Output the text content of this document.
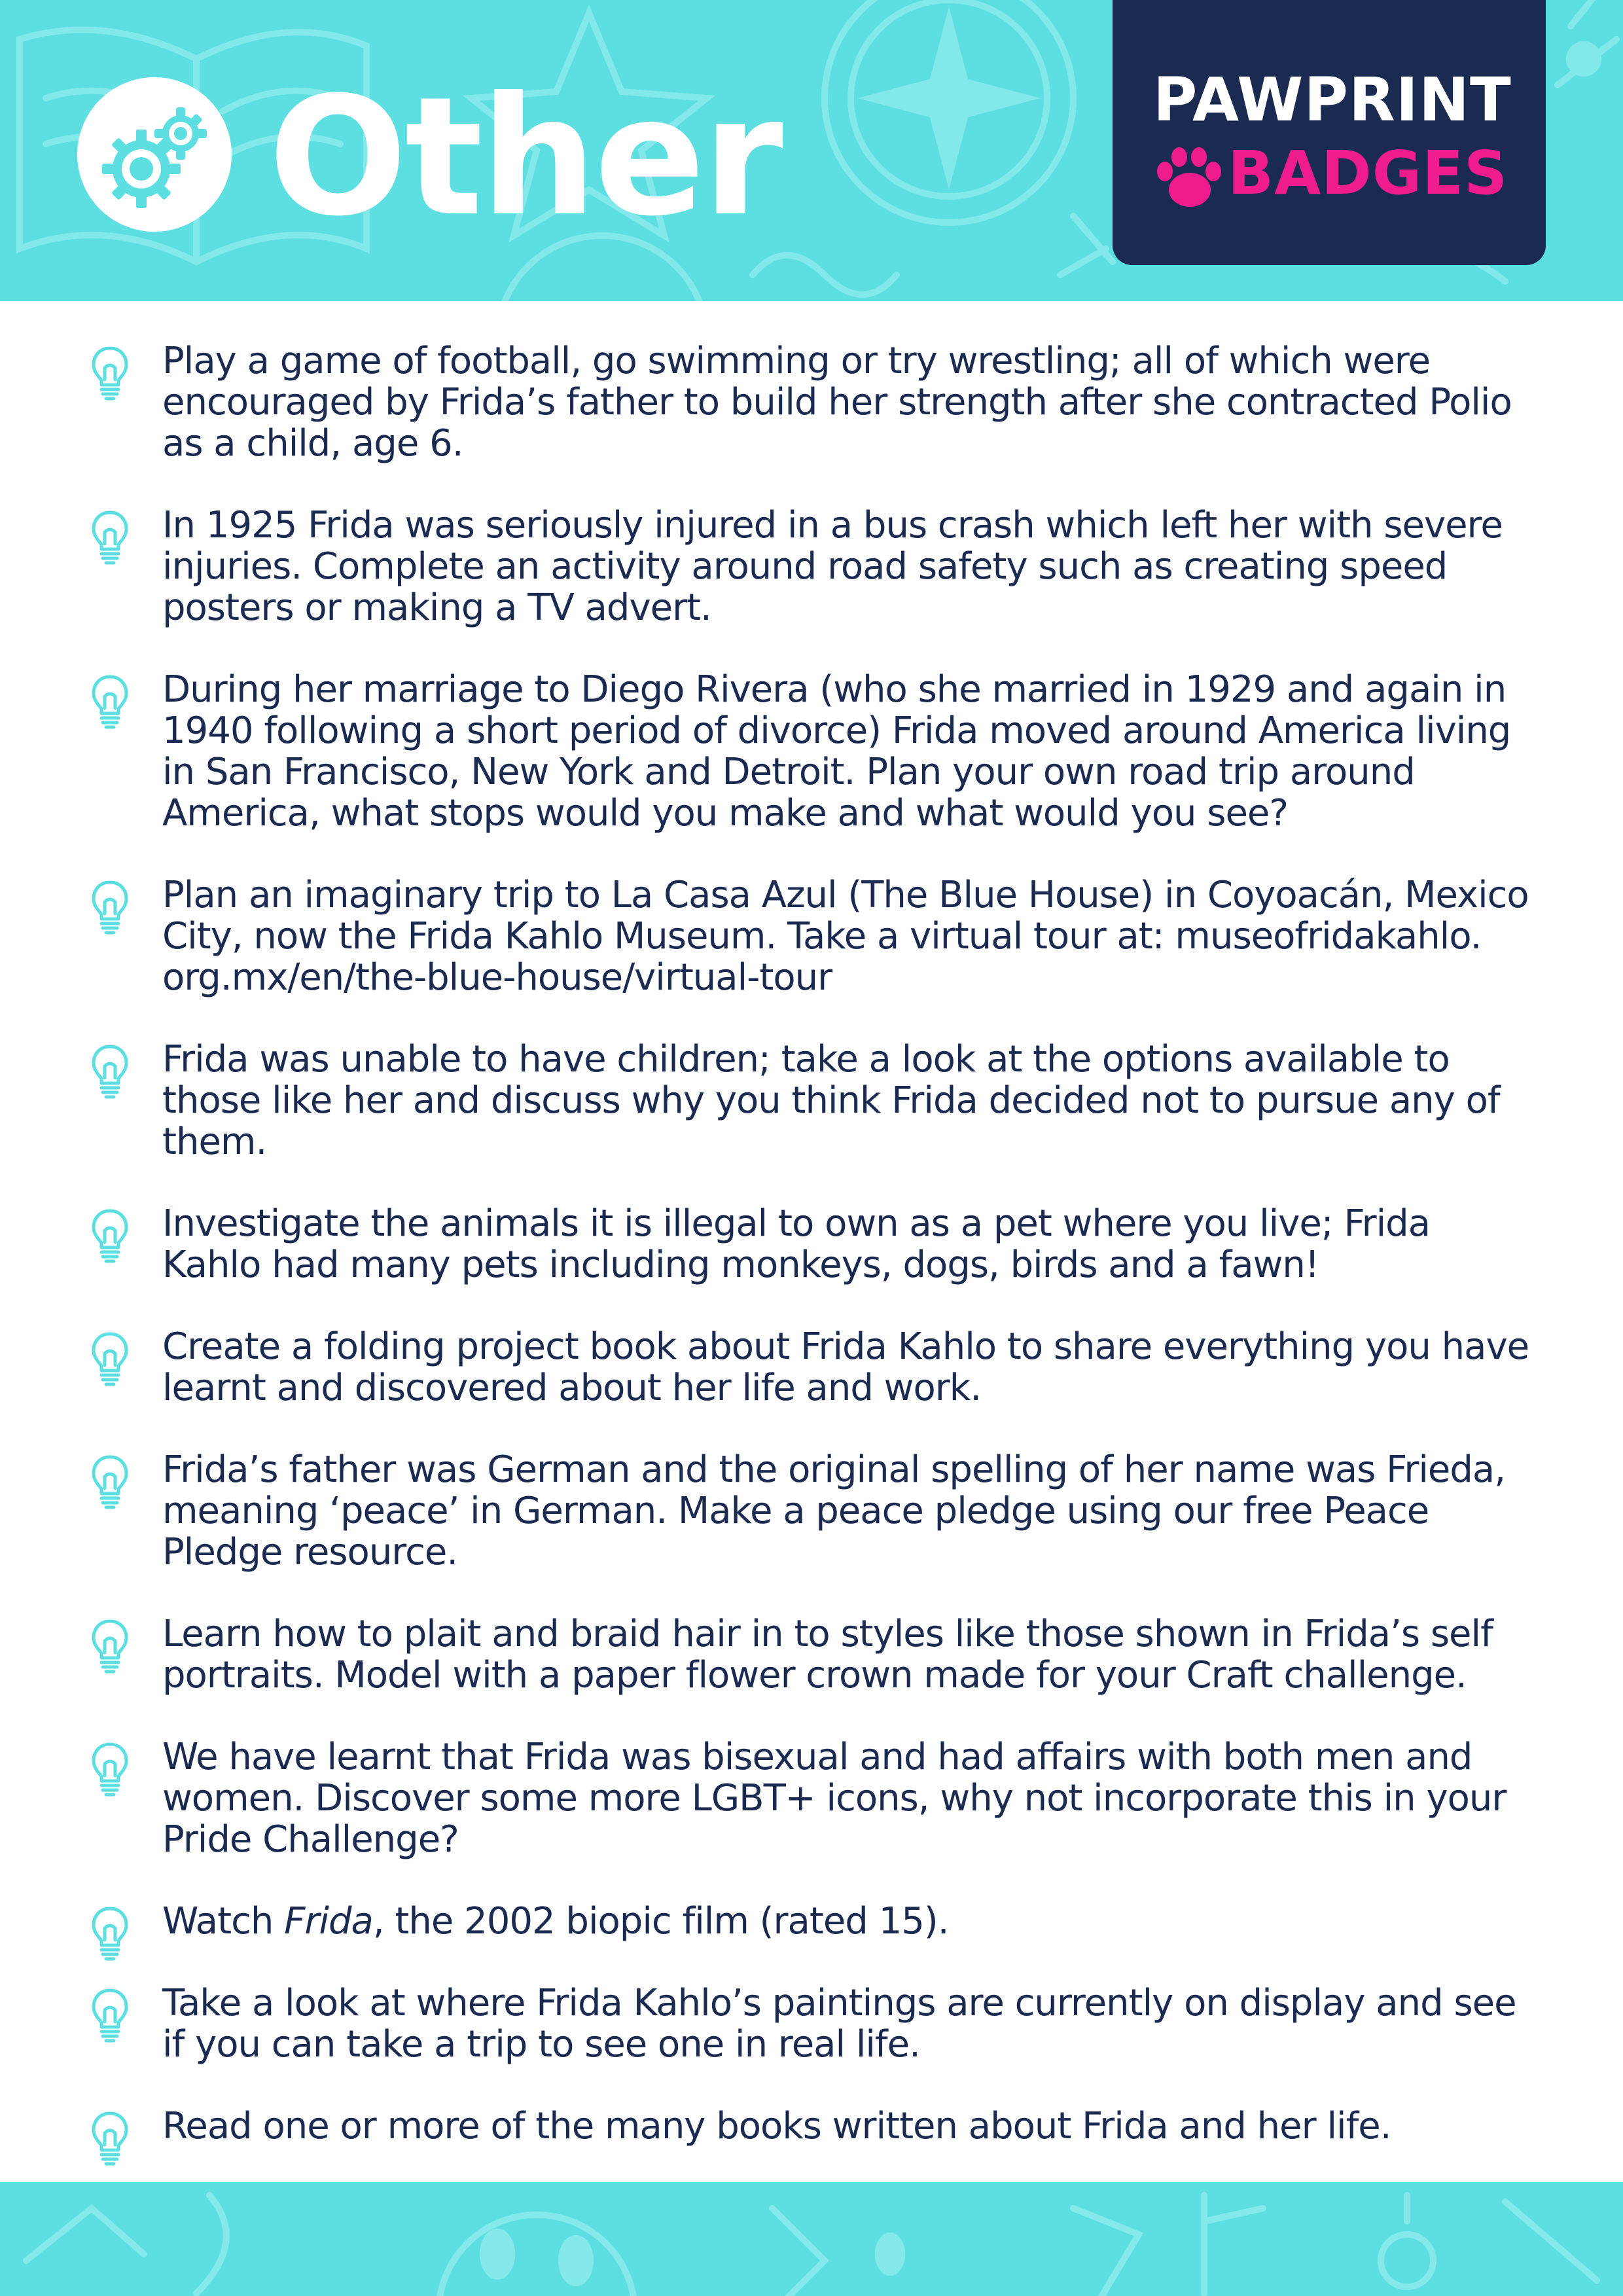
Other	PAWPRINT
BADGES
Play a game of football, go swimming or try wrestling; all of which were encouraged by Frida’s father to build her strength after she contracted Polio as a child, age 6.
In 1925 Frida was seriously injured in a bus crash which left her with severe injuries. Complete an activity around road safety such as creating speed posters or making a TV advert.
During her marriage to Diego Rivera (who she married in 1929 and again in 1940 following a short period of divorce) Frida moved around America living in San Francisco, New York and Detroit. Plan your own road trip around America, what stops would you make and what would you see?
Plan an imaginary trip to La Casa Azul (The Blue House) in Coyoacán, Mexico City, now the Frida Kahlo Museum. Take a virtual tour at: museofridakahlo. org.mx/en/the-blue-house/virtual-tour
Frida was unable to have children; take a look at the options available to those like her and discuss why you think Frida decided not to pursue any of them.
Investigate the animals it is illegal to own as a pet where you live; Frida Kahlo had many pets including monkeys, dogs, birds and a fawn!
Create a folding project book about Frida Kahlo to share everything you have learnt and discovered about her life and work.
Frida’s father was German and the original spelling of her name was Frieda, meaning ‘peace’ in German. Make a peace pledge using our free Peace Pledge resource.
Learn how to plait and braid hair in to styles like those shown in Frida’s self portraits. Model with a paper flower crown made for your Craft challenge.
We have learnt that Frida was bisexual and had affairs with both men and women. Discover some more LGBT+ icons, why not incorporate this in your Pride Challenge?
Watch Frida, the 2002 biopic film (rated 15).
Take a look at where Frida Kahlo’s paintings are currently on display and see if you can take a trip to see one in real life.
Read one or more of the many books written about Frida and her life.
